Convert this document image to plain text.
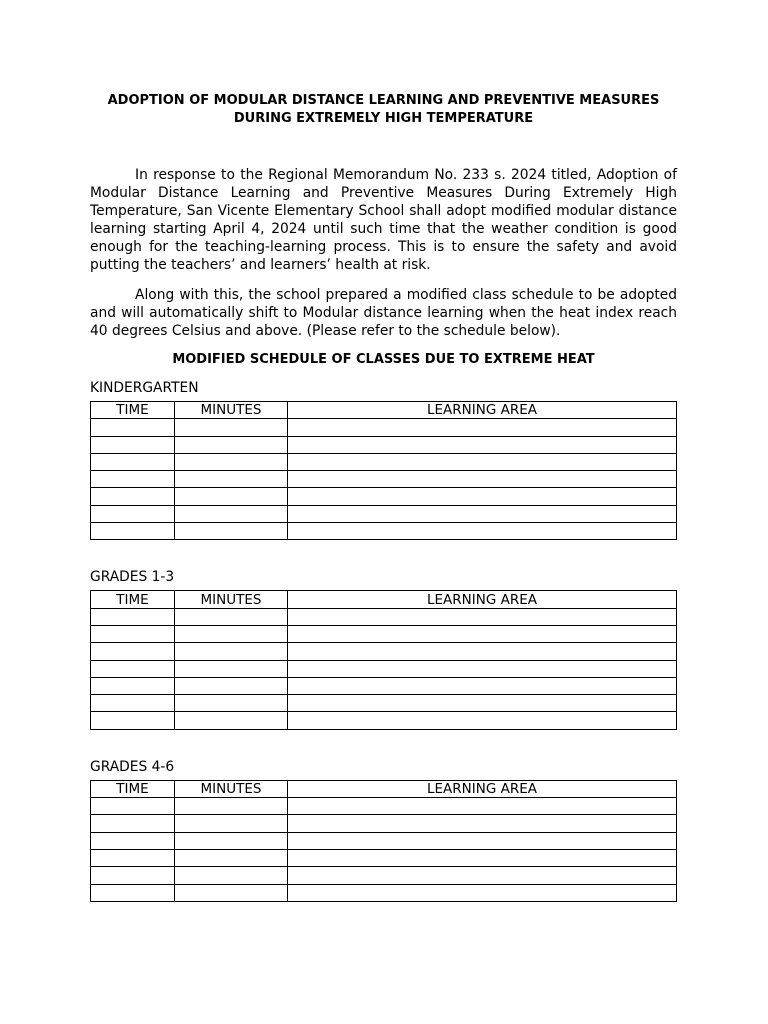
ADOPTION OF MODULAR DISTANCE LEARNING AND PREVENTIVE MEASURES
DURING EXTREMELY HIGH TEMPERATURE

In response to the Regional Memorandum No. 233 s. 2024 titled, Adoption of Modular Distance Learning and Preventive Measures During Extremely High Temperature, San Vicente Elementary School shall adopt modified modular distance learning starting April 4, 2024 until such time that the weather condition is good enough for the teaching-learning process. This is to ensure the safety and avoid putting the teachers’ and learners’ health at risk.

Along with this, the school prepared a modified class schedule to be adopted and will automatically shift to Modular distance learning when the heat index reach 40 degrees Celsius and above. (Please refer to the schedule below).

MODIFIED SCHEDULE OF CLASSES DUE TO EXTREME HEAT

KINDERGARTEN

TIME	MINUTES	LEARNING AREA

GRADES 1-3

TIME	MINUTES	LEARNING AREA

GRADES 4-6

TIME	MINUTES	LEARNING AREA
